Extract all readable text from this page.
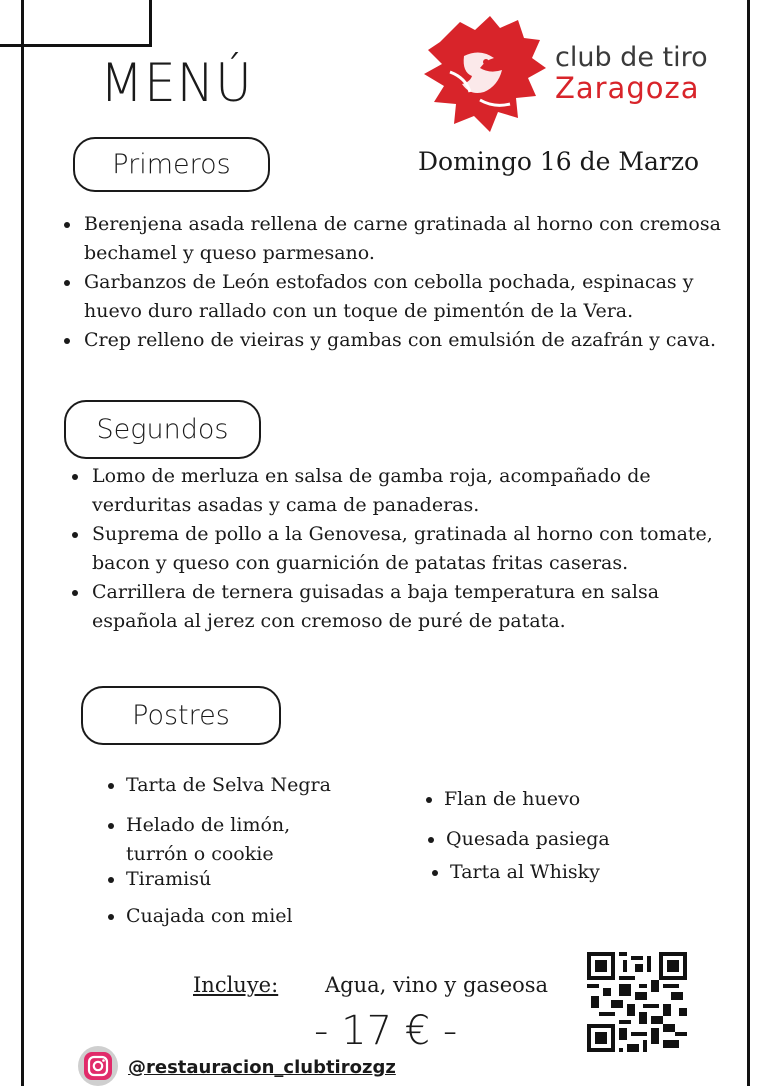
MENÚ	club de tiro
Zaragoza
Domingo 16 de Marzo
Primeros
Berenjena asada rellena de carne gratinada al horno con cremosa bechamel y queso parmesano.
Garbanzos de León estofados con cebolla pochada, espinacas y huevo duro rallado con un toque de pimentón de la Vera.
Crep relleno de vieiras y gambas con emulsión de azafrán y cava.
Segundos
Lomo de merluza en salsa de gamba roja, acompañado de verduritas asadas y cama de panaderas.
Suprema de pollo a la Genovesa, gratinada al horno con tomate, bacon y queso con guarnición de patatas fritas caseras.
Carrillera de ternera guisadas a baja temperatura en salsa española al jerez con cremoso de puré de patata.
Postres
Tarta de Selva Negra
Helado de limón, turrón o cookie
Tiramisú
Cuajada con miel
Flan de huevo
Quesada pasiega
Tarta al Whisky
Incluye: Agua, vino y gaseosa
- 17 € -
@restauracion_clubtirozgz
